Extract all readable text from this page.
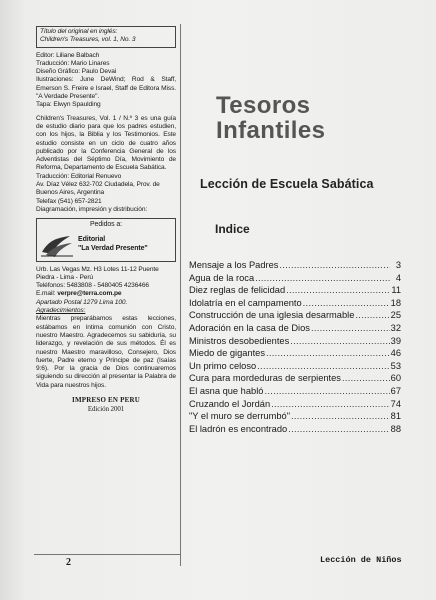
Título del original en inglés:

Children's Treasures, vol. 1, No. 3

Editor: Liliane Balbach

Traducción: Mario Linares

Diseño Gráfico: Paulo Devai

Ilustraciones: June DeWind; Rod & Staff, Emerson S. Freire e Israel, Staff de Editora Miss. "A Verdade Presente".

Tapa: Elwyn Spaulding

Children's Treasures, Vol. 1 / N.º 3 es una guía de estudio diario para que los padres estudien, con los hijos, la Biblia y los Testimonios. Este estudio consiste en un ciclo de cuatro años publicado por la Conferencia General de los Adventistas del Séptimo Día, Movimiento de Reforma, Departamento de Escuela Sabática.

Traducción: Editorial Renuevo

Av. Díaz Vélez 632-702 Ciudadela, Prov. de Buenos Aires, Argentina

Telefax (541) 657-2821

Diagramación, impresión y distribución:

Pedidos a:
Editorial
"La Verdad Presente"

Urb. Las Vegas Mz. H3 Lotes 11-12 Puente Piedra - Lima - Perú

Teléfonos: 5483808 - 5480405 4236466

E.mail: verpre@terra.com.pe

Apartado Postal 1279 Lima 100.

Agradecimientos:

Mientras preparábamos estas lecciones, estábamos en íntima comunión con Cristo, nuestro Maestro. Agradecemos su sabiduría, su liderazgo, y revelación de sus métodos. Él es nuestro Maestro maravilloso, Consejero, Dios fuerte, Padre eterno y Príncipe de paz (Isaías 9:6). Por la gracia de Dios continuaremos siguiendo su dirección al presentar la Palabra de Vida para nuestros hijos.

IMPRESO EN PERU
Edición 2001
2
Tesoros
Infantiles
Lección de Escuela Sabática
Indice
Mensaje a los Padres .....	3
Agua de la roca .....	4
Diez reglas de felicidad .....	11
Idolatría en el campamento .....	18
Construcción de una iglesia desarmable .....	25
Adoración en la casa de Dios .....	32
Ministros desobedientes .....	39
Miedo de gigantes .....	46
Un primo celoso .....	53
Cura para mordeduras de serpientes .....	60
El asna que habló .....	67
Cruzando el Jordán .....	74
"Y el muro se derrumbó" .....	81
El ladrón es encontrado .....	88
Lección de Niños
